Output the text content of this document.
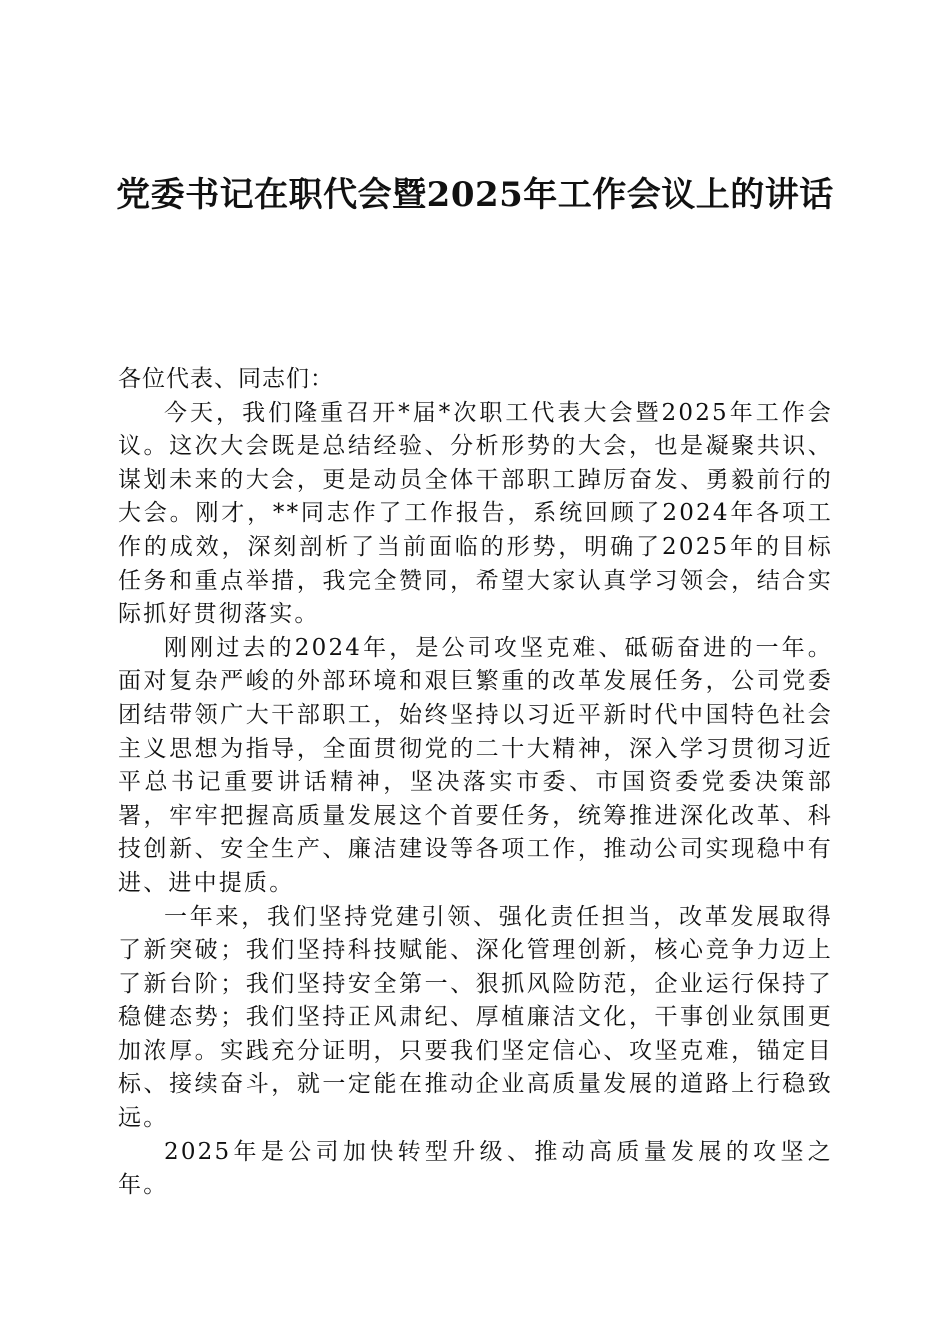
党委书记在职代会暨2025年工作会议上的讲话

各位代表、同志们：

今天，我们隆重召开*届*次职工代表大会暨2025年工作会议。这次大会既是总结经验、分析形势的大会，也是凝聚共识、谋划未来的大会，更是动员全体干部职工踔厉奋发、勇毅前行的大会。刚才，**同志作了工作报告，系统回顾了2024年各项工作的成效，深刻剖析了当前面临的形势，明确了2025年的目标任务和重点举措，我完全赞同，希望大家认真学习领会，结合实际抓好贯彻落实。

刚刚过去的2024年，是公司攻坚克难、砥砺奋进的一年。面对复杂严峻的外部环境和艰巨繁重的改革发展任务，公司党委团结带领广大干部职工，始终坚持以习近平新时代中国特色社会主义思想为指导，全面贯彻党的二十大精神，深入学习贯彻习近平总书记重要讲话精神，坚决落实市委、市国资委党委决策部署，牢牢把握高质量发展这个首要任务，统筹推进深化改革、科技创新、安全生产、廉洁建设等各项工作，推动公司实现稳中有进、进中提质。

一年来，我们坚持党建引领、强化责任担当，改革发展取得了新突破；我们坚持科技赋能、深化管理创新，核心竞争力迈上了新台阶；我们坚持安全第一、狠抓风险防范，企业运行保持了稳健态势；我们坚持正风肃纪、厚植廉洁文化，干事创业氛围更加浓厚。实践充分证明，只要我们坚定信心、攻坚克难，锚定目标、接续奋斗，就一定能在推动企业高质量发展的道路上行稳致远。

2025年是公司加快转型升级、推动高质量发展的攻坚之年。
